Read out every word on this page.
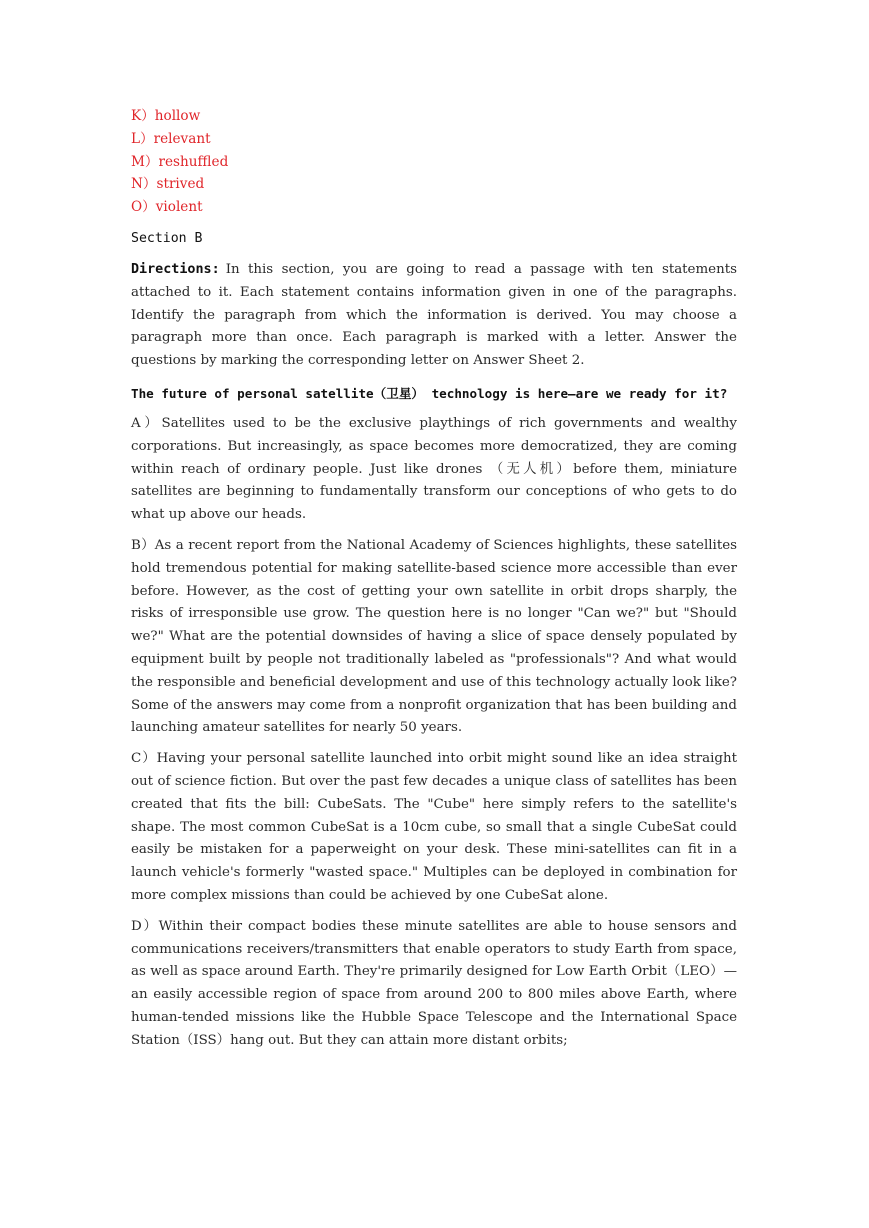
K）hollow
L）relevant
M）reshuffled
N）strived
O）violent
Section B

Directions: In this section, you are going to read a passage with ten statements attached to it. Each statement contains information given in one of the paragraphs. Identify the paragraph from which the information is derived. You may choose a paragraph more than once. Each paragraph is marked with a letter. Answer the questions by marking the corresponding letter on Answer Sheet 2.

The future of personal satellite（卫星） technology is here—are we ready for it?

A）Satellites used to be the exclusive playthings of rich governments and wealthy corporations. But increasingly, as space becomes more democratized, they are coming within reach of ordinary people. Just like drones （无人机）before them, miniature satellites are beginning to fundamentally transform our conceptions of who gets to do what up above our heads.

B）As a recent report from the National Academy of Sciences highlights, these satellites hold tremendous potential for making satellite-based science more accessible than ever before. However, as the cost of getting your own satellite in orbit drops sharply, the risks of irresponsible use grow. The question here is no longer "Can we?" but "Should we?" What are the potential downsides of having a slice of space densely populated by equipment built by people not traditionally labeled as "professionals"? And what would the responsible and beneficial development and use of this technology actually look like? Some of the answers may come from a nonprofit organization that has been building and launching amateur satellites for nearly 50 years.

C）Having your personal satellite launched into orbit might sound like an idea straight out of science fiction. But over the past few decades a unique class of satellites has been created that fits the bill: CubeSats. The "Cube" here simply refers to the satellite's shape. The most common CubeSat is a 10cm cube, so small that a single CubeSat could easily be mistaken for a paperweight on your desk. These mini-satellites can fit in a launch vehicle's formerly "wasted space." Multiples can be deployed in combination for more complex missions than could be achieved by one CubeSat alone.

D）Within their compact bodies these minute satellites are able to house sensors and communications receivers/transmitters that enable operators to study Earth from space, as well as space around Earth. They're primarily designed for Low Earth Orbit（LEO）—an easily accessible region of space from around 200 to 800 miles above Earth, where human-tended missions like the Hubble Space Telescope and the International Space Station（ISS）hang out. But they can attain more distant orbits;
